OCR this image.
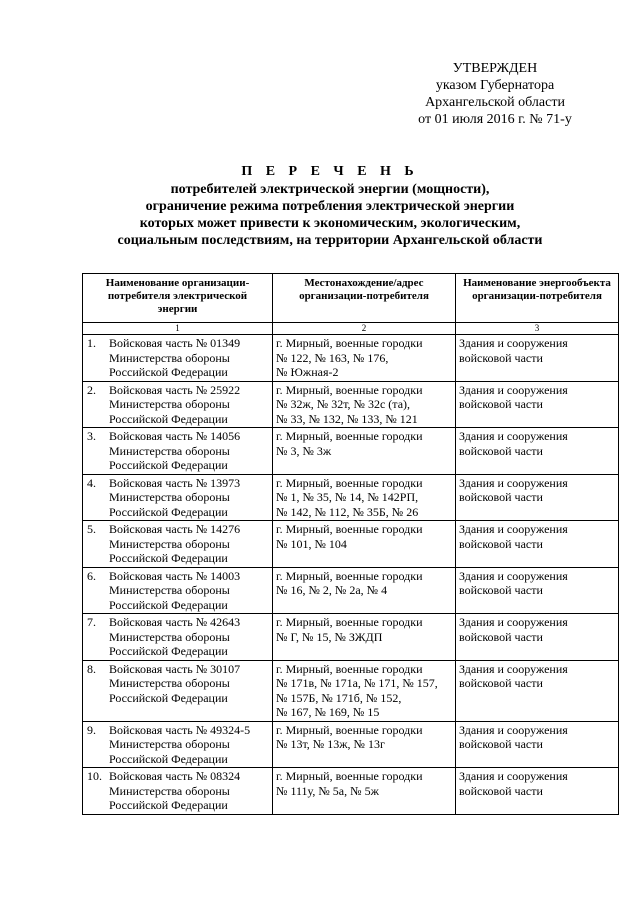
УТВЕРЖДЕН
указом Губернатора
Архангельской области
от 01 июля 2016 г. № 71-у
П Е Р Е Ч Е Н Ь
потребителей электрической энергии (мощности),
ограничение режима потребления электрической энергии
которых может привести к экономическим, экологическим,
социальным последствиям, на территории Архангельской области
Наименование организации-потребителя электрической энергии	Местонахождение/адрес организации-потребителя	Наименование энергообъекта организации-потребителя
1	2	3
1. Войсковая часть № 01349
Министерства обороны
Российской Федерации	г. Мирный, военные городки
№ 122, № 163, № 176,
№ Южная-2	Здания и сооружения
войсковой части

2. Войсковая часть № 25922
Министерства обороны
Российской Федерации	г. Мирный, военные городки
№ 32ж, № 32т, № 32с (та),
№ 33, № 132, № 133, № 121	Здания и сооружения
войсковой части

3. Войсковая часть № 14056
Министерства обороны
Российской Федерации	г. Мирный, военные городки
№ 3, № 3ж	Здания и сооружения
войсковой части

4. Войсковая часть № 13973
Министерства обороны
Российской Федерации	г. Мирный, военные городки
№ 1, № 35, № 14, № 142РП,
№ 142, № 112, № 35Б, № 26	Здания и сооружения
войсковой части

5. Войсковая часть № 14276
Министерства обороны
Российской Федерации	г. Мирный, военные городки
№ 101, № 104	Здания и сооружения
войсковой части

6. Войсковая часть № 14003
Министерства обороны
Российской Федерации	г. Мирный, военные городки
№ 16, № 2, № 2а, № 4	Здания и сооружения
войсковой части

7. Войсковая часть № 42643
Министерства обороны
Российской Федерации	г. Мирный, военные городки
№ Г, № 15, № ЗЖДП	Здания и сооружения
войсковой части

8. Войсковая часть № 30107
Министерства обороны
Российской Федерации	г. Мирный, военные городки
№ 171в, № 171а, № 171, № 157,
№ 157Б, № 171б, № 152,
№ 167, № 169, № 15	Здания и сооружения
войсковой части

9. Войсковая часть № 49324-5
Министерства обороны
Российской Федерации	г. Мирный, военные городки
№ 13т, № 13ж, № 13г	Здания и сооружения
войсковой части

10. Войсковая часть № 08324
Министерства обороны
Российской Федерации	г. Мирный, военные городки
№ 111у, № 5а, № 5ж	Здания и сооружения
войсковой части
